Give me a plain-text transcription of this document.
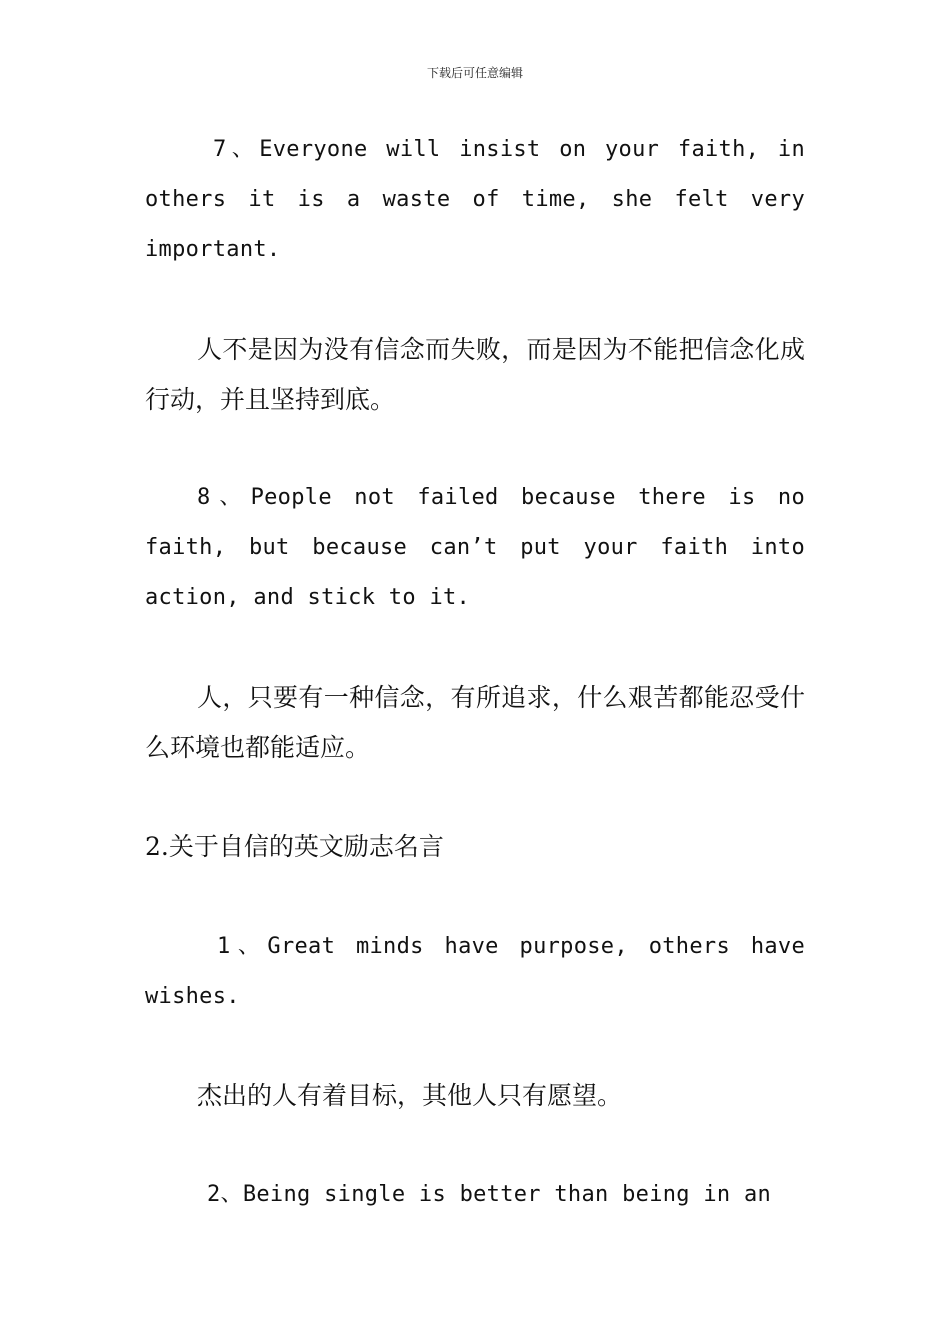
下载后可任意编辑

7、Everyone will insist on your faith, in others it is a waste of time, she felt very important.

人不是因为没有信念而失败，而是因为不能把信念化成行动，并且坚持到底。

8、People not failed because there is no faith, but because can’t put your faith into action, and stick to it.

人，只要有一种信念，有所追求，什么艰苦都能忍受什么环境也都能适应。

2.关于自信的英文励志名言

1、Great minds have purpose, others have wishes.

杰出的人有着目标，其他人只有愿望。

2、Being single is better than being in an
